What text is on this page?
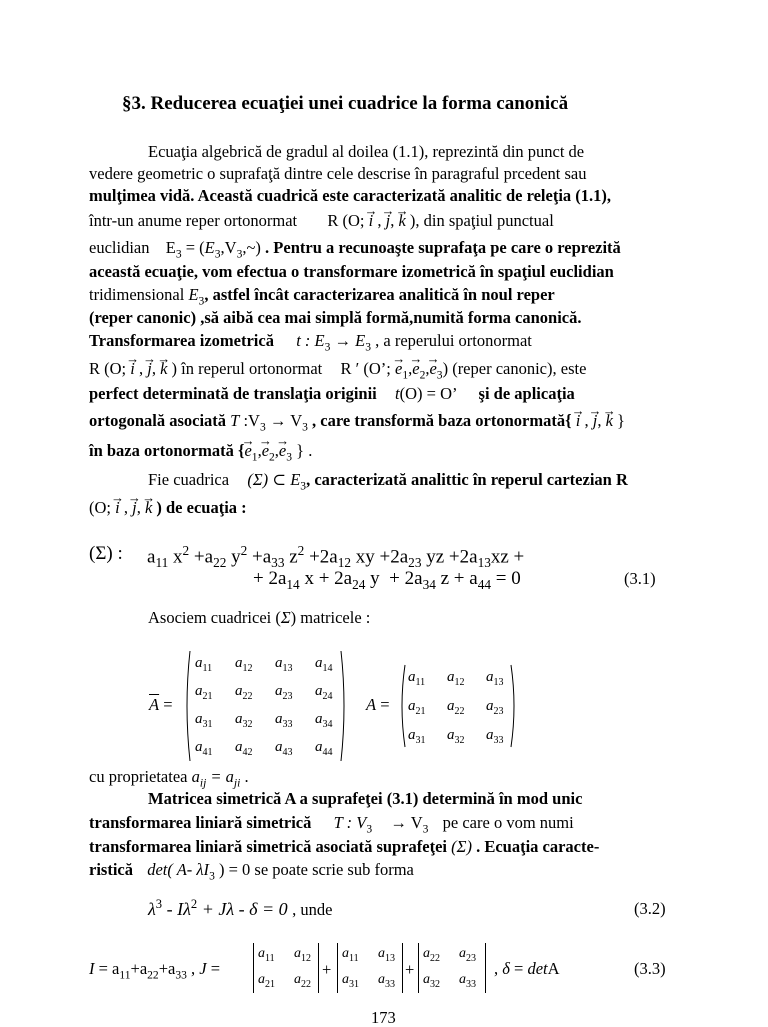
§3. Reducerea ecuaţiei unei cuadrice la forma canonică
Ecuaţia algebrică de gradul al doilea (1.1), reprezintă din punct de
vedere geometric o suprafaţă dintre cele descrise în paragraful prcedent sau
mulţimea vidă. Această cuadrică este caracterizată analitic de releţia (1.1),
într-un anume reper ortonormat R (O; → i , → j, → k ), din spaţiul punctual
euclidian $E_3$ = $(E_3,V_3,\sim)$ . Pentru a recunoaşte suprafaţa pe care o reprezită
această ecuaţie, vom efectua o transformare izometrică în spaţiul euclidian
tridimensional $E_3$, astfel încât caracterizarea analitică în noul reper
(reper canonic) ,să aibă cea mai simplă formă,numită forma canonică.
Transformarea izometrică t : $E_3 \to E_3$ , a reperului ortonormat
R (O; → i , → j, → k ) în reperul ortonormat R ′ (O’; → $e_1,\to e_2,\to e_3$) (reper canonic), este
perfect determinată de translaţia originii t(O) = O’ şi de aplicaţia
ortogonală asociată T $:V_3 \to V_3$ , care transformă baza ortonormată{ → i , → j, → k }
în baza ortonormată {→ $e_1,\to e_2,\to e_3$ } .
Fie cuadrica (Σ) ⊂ $E_3$, caracterizată analittic în reperul cartezian R
(O; → i , → j, → k ) de ecuaţia :
(Σ) : $a_{11}$ $x^2 +a_{22}$ $y^2 +a_{33}$ $z^2 +2a_{12}$ xy $+2a_{23}$ yz $+2a_{13}xz$ +
+ $2a_{14}$ $x + 2a_{24}$ $y + 2a_{34}$ $z + a_{44} = 0$	(3.1)
Asociem cuadricei (Σ) matricele :
$\overline{A}$ =
$a_{11}$ $a_{12}$ $a_{13}$ $a_{14}$
$a_{21}$ $a_{22}$ $a_{23}$ $a_{24}$
$a_{31}$ $a_{32}$ $a_{33}$ $a_{34}$
$a_{41}$ $a_{42}$ $a_{43}$ $a_{44}$
A =
$a_{11}$ $a_{12}$ $a_{13}$
$a_{21}$ $a_{22}$ $a_{23}$
$a_{31}$ $a_{32}$ $a_{33}$
cu proprietatea $a_{ij} = a_{ji}$ .
Matricea simetrică A a suprafeţei (3.1) determină în mod unic
transformarea liniară simetrică T : $V_3 \to V_3$ pe care o vom numi
transformarea liniară simetrică asociată suprafeţei (Σ) . Ecuaţia caracte-
ristică det( A- $\lambda I_3$ ) = 0 se poate scrie sub forma
$\lambda^3 - I\lambda^2 + J\lambda - \delta = 0$ , unde	(3.2)
$I = a_{11}+a_{22}+a_{33}$ , J =
$a_{11}$ $a_{12}$
$a_{21}$ $a_{22}$
+
$a_{11}$ $a_{13}$
$a_{31}$ $a_{33}$
+
$a_{22}$ $a_{23}$
$a_{32}$ $a_{33}$
, δ = detA	(3.3)
173
